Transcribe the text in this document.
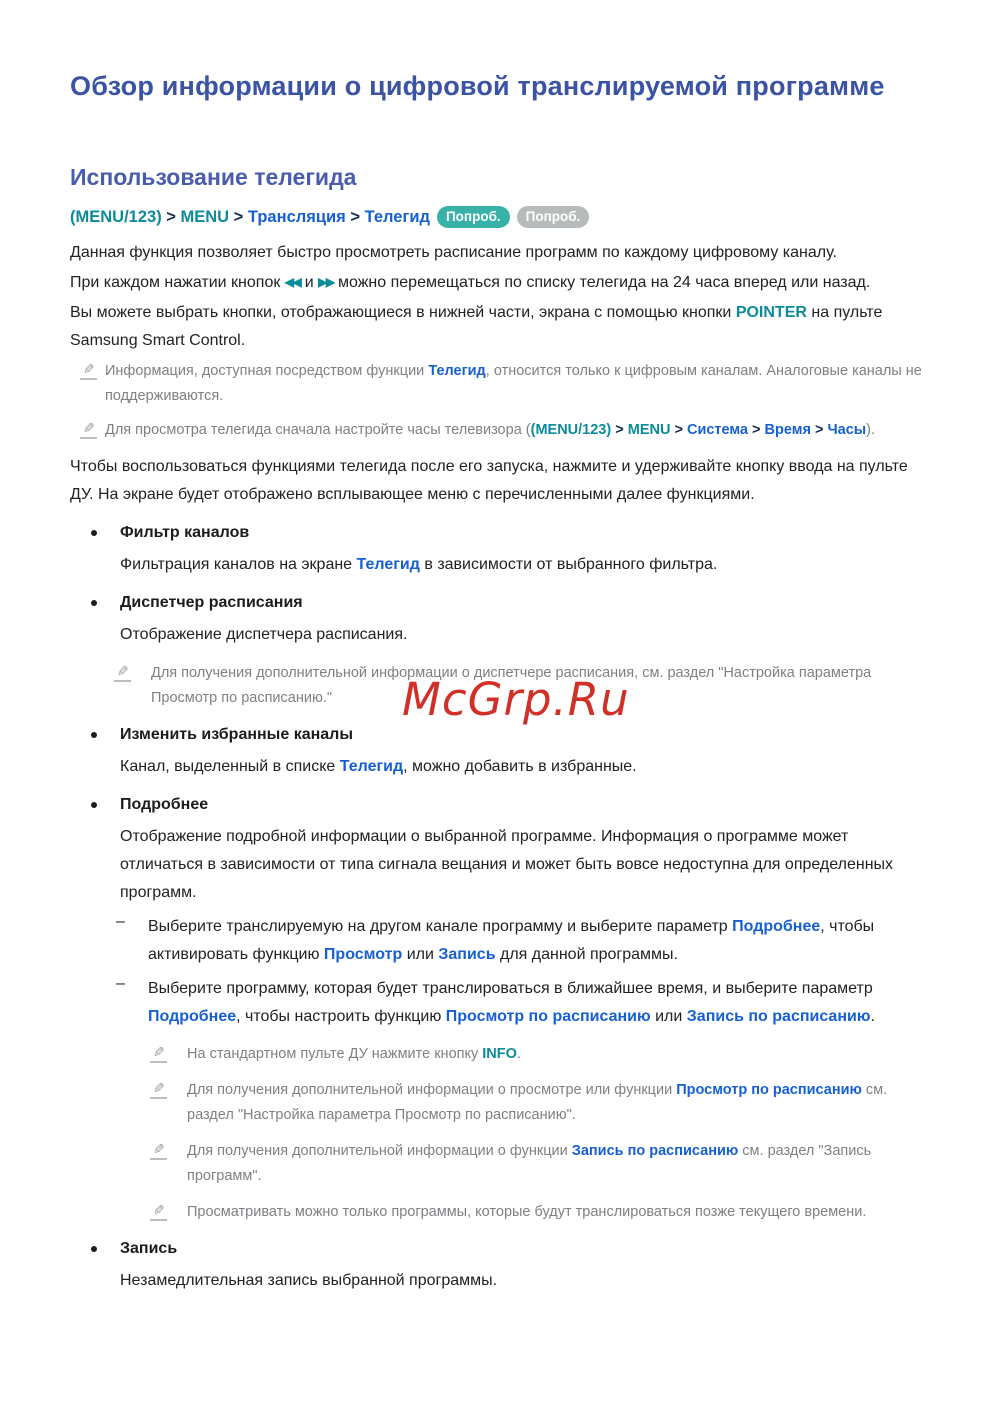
Обзор информации о цифровой транслируемой программе
Использование телегида
(MENU/123) > MENU > Трансляция > Телегид Попроб. Попроб.

Данная функция позволяет быстро просмотреть расписание программ по каждому цифровому каналу.

При каждом нажатии кнопок ◀◀ и ▶▶ можно перемещаться по списку телегида на 24 часа вперед или назад.

Вы можете выбрать кнопки, отображающиеся в нижней части, экрана с помощью кнопки POINTER на пульте Samsung Smart Control.

✎ Информация, доступная посредством функции Телегид, относится только к цифровым каналам. Аналоговые каналы не поддерживаются.
✎ Для просмотра телегида сначала настройте часы телевизора ((MENU/123) > MENU > Система > Время > Часы).

Чтобы воспользоваться функциями телегида после его запуска, нажмите и удерживайте кнопку ввода на пульте ДУ. На экране будет отображено всплывающее меню с перечисленными далее функциями.

Фильтр каналов

Фильтрация каналов на экране Телегид в зависимости от выбранного фильтра.

Диспетчер расписания

Отображение диспетчера расписания.

✎ Для получения дополнительной информации о диспетчере расписания, см. раздел "Настройка параметра Просмотр по расписанию."
Изменить избранные каналы

Канал, выделенный в списке Телегид, можно добавить в избранные.

Подробнее

Отображение подробной информации о выбранной программе. Информация о программе может отличаться в зависимости от типа сигнала вещания и может быть вовсе недоступна для определенных программ.

– Выберите транслируемую на другом канале программу и выберите параметр Подробнее, чтобы активировать функцию Просмотр или Запись для данной программы.

– Выберите программу, которая будет транслироваться в ближайшее время, и выберите параметр Подробнее, чтобы настроить функцию Просмотр по расписанию или Запись по расписанию.

✎ На стандартном пульте ДУ нажмите кнопку INFO.
✎ Для получения дополнительной информации о просмотре или функции Просмотр по расписанию см. раздел "Настройка параметра Просмотр по расписанию".
✎ Для получения дополнительной информации о функции Запись по расписанию см. раздел "Запись программ".
✎ Просматривать можно только программы, которые будут транслироваться позже текущего времени.
Запись

Незамедлительная запись выбранной программы.

McGrp.Ru
